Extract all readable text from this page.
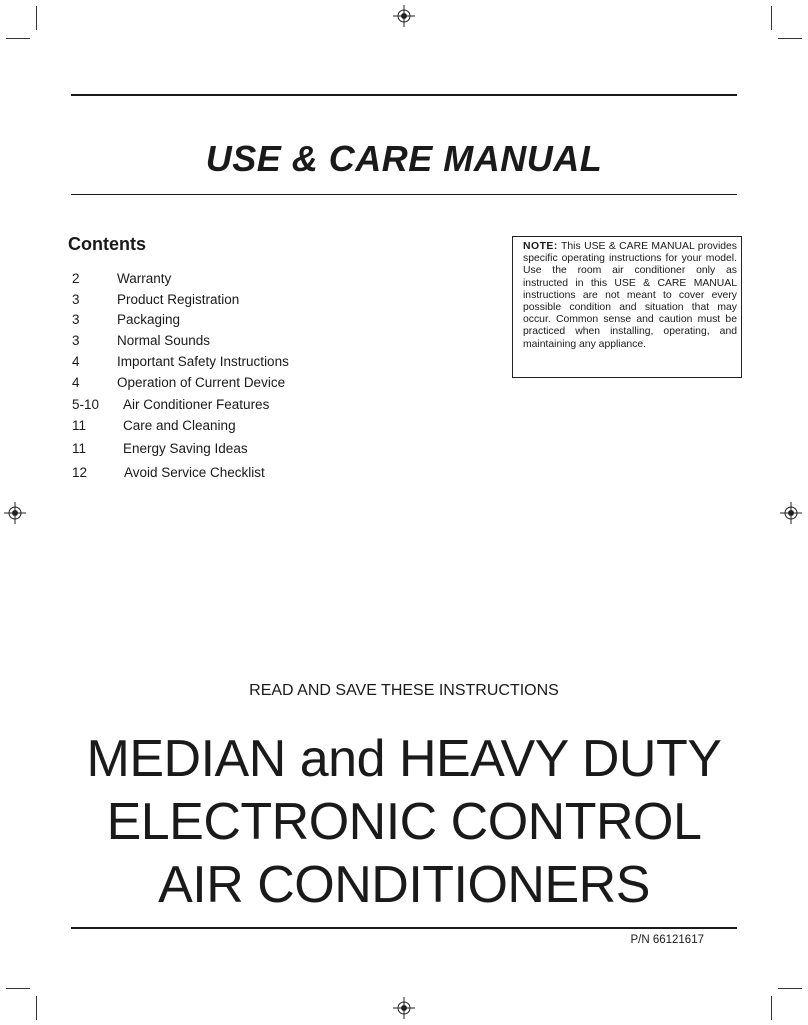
USE & CARE MANUAL
Contents
2	Warranty
3	Product Registration
3	Packaging
3	Normal Sounds
4	Important Safety Instructions
4	Operation of Current Device
5-10 Air Conditioner Features
11	Care and Cleaning
11	Energy Saving Ideas
12	Avoid Service Checklist
NOTE: This USE & CARE MANUAL provides specific operating instructions for your model. Use the room air conditioner only as instructed in this USE & CARE MANUAL instructions are not meant to cover every possible condition and situation that may occur. Common sense and caution must be practiced when installing, operating, and maintaining any appliance.
READ AND SAVE THESE INSTRUCTIONS
MEDIAN and HEAVY DUTY
ELECTRONIC CONTROL
AIR CONDITIONERS
P/N 66121617
